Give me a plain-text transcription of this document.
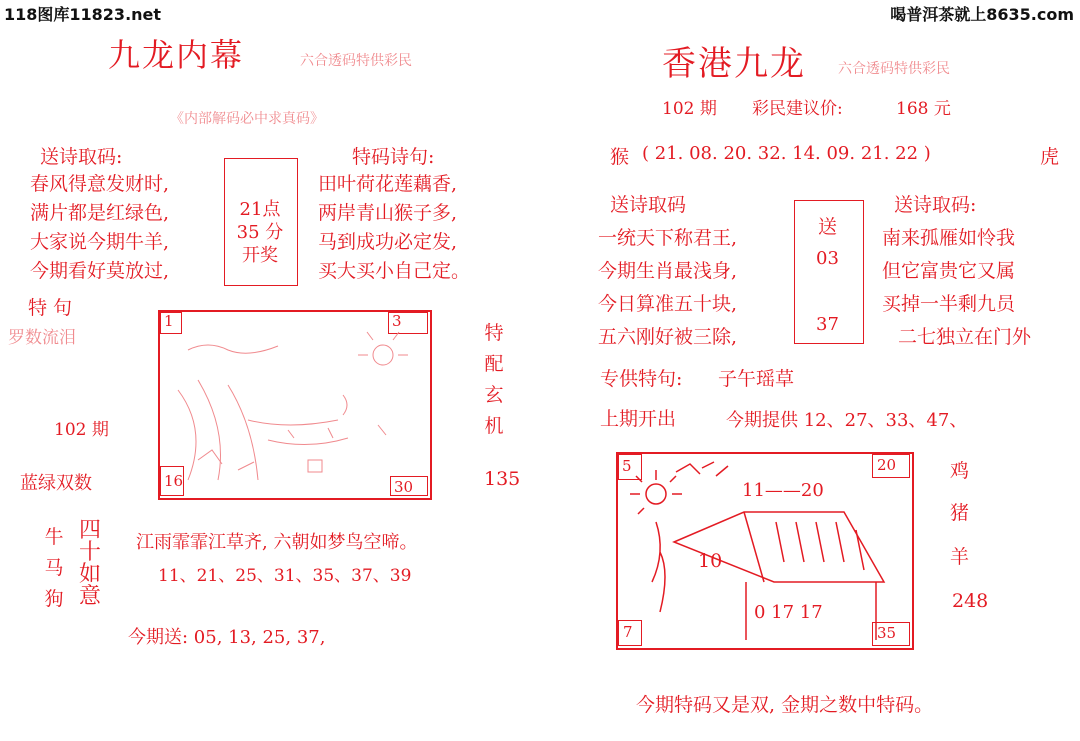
118图库11823.net	喝普洱茶就上8635.com
九龙内幕	六合透码特供彩民
《内部解码必中求真码》
送诗取码:
春风得意发财时,
满片都是红绿色,
大家说今期牛羊,
今期看好莫放过,
21点
35 分
开奖
特码诗句:
田叶荷花莲藕香,
两岸青山猴子多,
马到成功必定发,
买大买小自己定。
特 句
罗数流泪
102 期
蓝绿双数
1	3
16	30
特配玄机
135
牛马狗
四十如意
江雨霏霏江草齐, 六朝如梦鸟空啼。
11、21、25、31、35、37、39
今期送: 05, 13, 25, 37,
香港九龙 六合透码特供彩民
102 期 彩民建议价:	168 元
猴 ( 21. 08. 20. 32. 14. 09. 21. 22 )	虎
送诗取码	送诗取码:
一统天下称君王,
今期生肖最浅身,
今日算准五十块,
五六刚好被三除,
送
03
37
南来孤雁如怜我
但它富贵它又属
买掉一半剩九员
二七独立在门外
专供特句: 子午瑶草
上期开出	今期提供 12、27、33、47、
5	20
7	35
11——20
10
0 17 17
鸡
猪
羊
248
今期特码又是双, 金期之数中特码。
